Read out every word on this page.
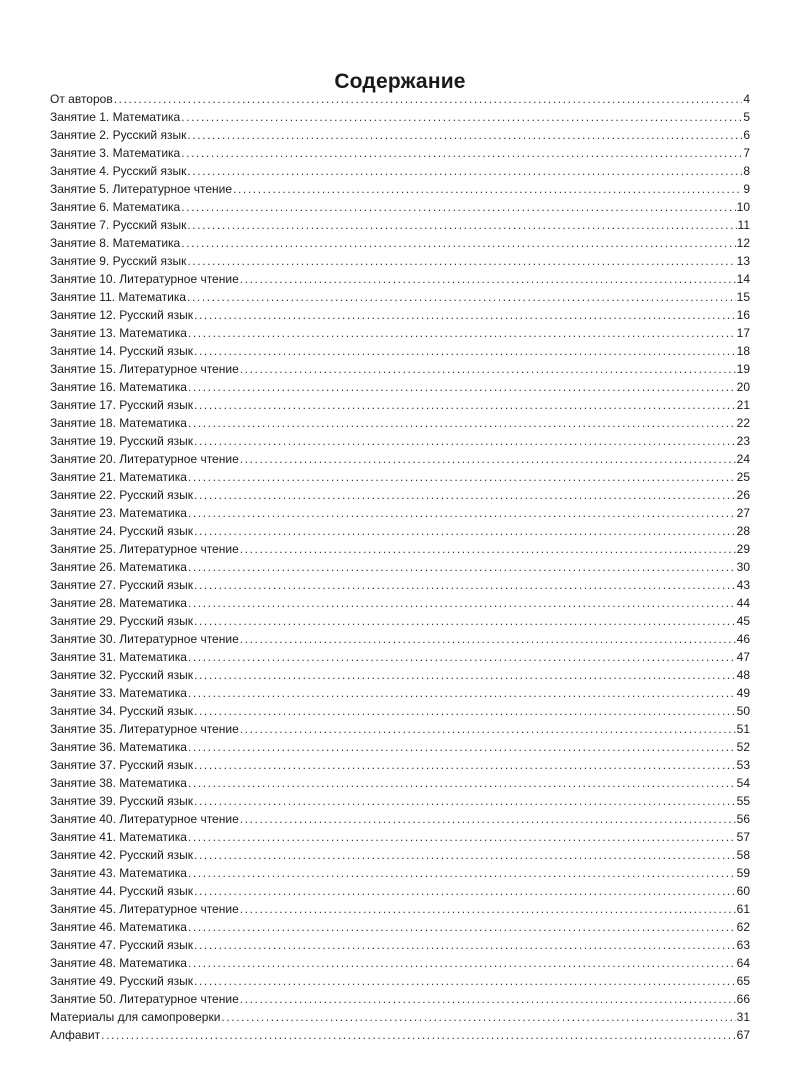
Содержание
От авторов .....	4
Занятие 1. Математика .....	5
Занятие 2. Русский язык .....	6
Занятие 3. Математика .....	7
Занятие 4. Русский язык .....	8
Занятие 5. Литературное чтение .....	9
Занятие 6. Математика .....	10
Занятие 7. Русский язык .....	11
Занятие 8. Математика .....	12
Занятие 9. Русский язык .....	13
Занятие 10. Литературное чтение .....	14
Занятие 11. Математика .....	15
Занятие 12. Русский язык .....	16
Занятие 13. Математика .....	17
Занятие 14. Русский язык .....	18
Занятие 15. Литературное чтение .....	19
Занятие 16. Математика .....	20
Занятие 17. Русский язык .....	21
Занятие 18. Математика .....	22
Занятие 19. Русский язык .....	23
Занятие 20. Литературное чтение .....	24
Занятие 21. Математика .....	25
Занятие 22. Русский язык .....	26
Занятие 23. Математика .....	27
Занятие 24. Русский язык .....	28
Занятие 25. Литературное чтение .....	29
Занятие 26. Математика .....	30
Занятие 27. Русский язык .....	43
Занятие 28. Математика .....	44
Занятие 29. Русский язык .....	45
Занятие 30. Литературное чтение .....	46
Занятие 31. Математика .....	47
Занятие 32. Русский язык .....	48
Занятие 33. Математика .....	49
Занятие 34. Русский язык .....	50
Занятие 35. Литературное чтение .....	51
Занятие 36. Математика .....	52
Занятие 37. Русский язык .....	53
Занятие 38. Математика .....	54
Занятие 39. Русский язык .....	55
Занятие 40. Литературное чтение .....	56
Занятие 41. Математика .....	57
Занятие 42. Русский язык .....	58
Занятие 43. Математика .....	59
Занятие 44. Русский язык .....	60
Занятие 45. Литературное чтение .....	61
Занятие 46. Математика .....	62
Занятие 47. Русский язык .....	63
Занятие 48. Математика .....	64
Занятие 49. Русский язык .....	65
Занятие 50. Литературное чтение .....	66
Материалы для самопроверки .....	31
Алфавит .....	67
